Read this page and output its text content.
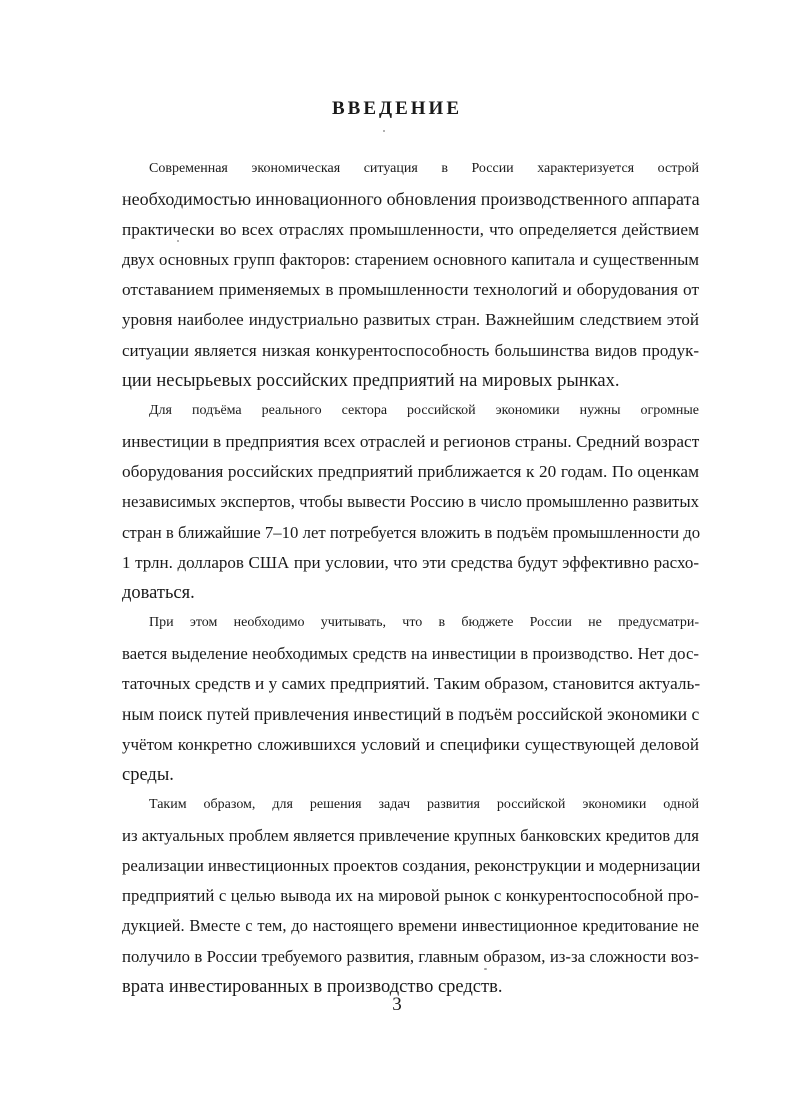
ВВЕДЕНИЕ
Современная экономическая ситуация в России характеризуется острой
необходимостью инновационного обновления производственного аппарата
практически во всех отраслях промышленности, что определяется действием
двух основных групп факторов: старением основного капитала и существенным
отставанием применяемых в промышленности технологий и оборудования от
уровня наиболее индустриально развитых стран. Важнейшим следствием этой
ситуации является низкая конкурентоспособность большинства видов продук-
ции несырьевых российских предприятий на мировых рынках.
Для подъёма реального сектора российской экономики нужны огромные
инвестиции в предприятия всех отраслей и регионов страны. Средний возраст
оборудования российских предприятий приближается к 20 годам. По оценкам
независимых экспертов, чтобы вывести Россию в число промышленно развитых
стран в ближайшие 7–10 лет потребуется вложить в подъём промышленности до
1 трлн. долларов США при условии, что эти средства будут эффективно расхо-
доваться.
При этом необходимо учитывать, что в бюджете России не предусматри-
вается выделение необходимых средств на инвестиции в производство. Нет дос-
таточных средств и у самих предприятий. Таким образом, становится актуаль-
ным поиск путей привлечения инвестиций в подъём российской экономики с
учётом конкретно сложившихся условий и специфики существующей деловой
среды.
Таким образом, для решения задач развития российской экономики одной
из актуальных проблем является привлечение крупных банковских кредитов для
реализации инвестиционных проектов создания, реконструкции и модернизации
предприятий с целью вывода их на мировой рынок с конкурентоспособной про-
дукцией. Вместе с тем, до настоящего времени инвестиционное кредитование не
получило в России требуемого развития, главным образом, из-за сложности воз-
врата инвестированных в производство средств.
3
